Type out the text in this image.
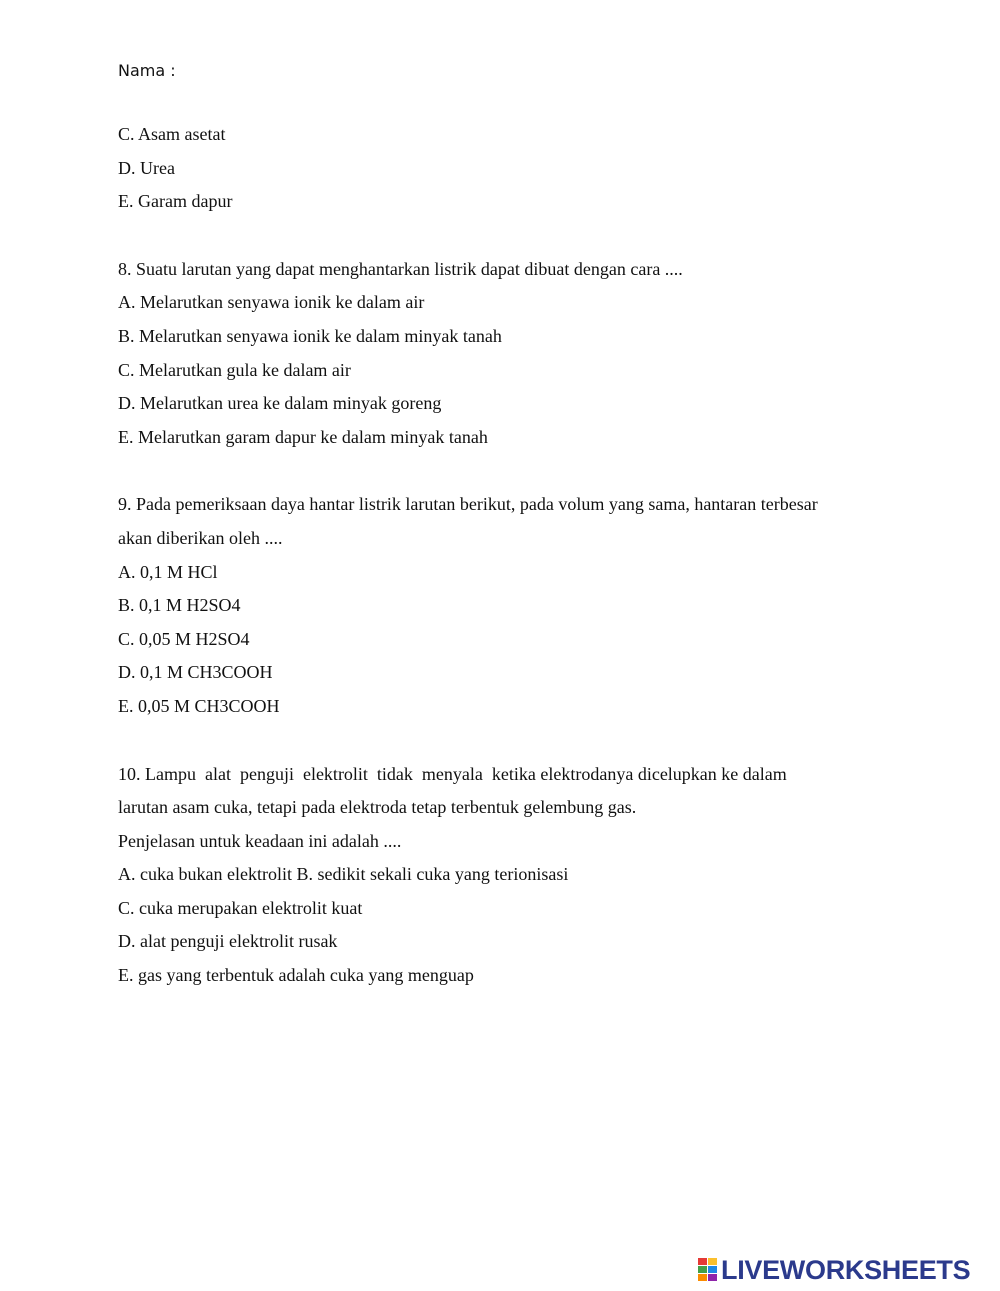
Nama :

C. Asam asetat

D. Urea

E. Garam dapur

8. Suatu larutan yang dapat menghantarkan listrik dapat dibuat dengan cara ....

A. Melarutkan senyawa ionik ke dalam air

B. Melarutkan senyawa ionik ke dalam minyak tanah

C. Melarutkan gula ke dalam air

D. Melarutkan urea ke dalam minyak goreng

E. Melarutkan garam dapur ke dalam minyak tanah

9. Pada pemeriksaan daya hantar listrik larutan berikut, pada volum yang sama, hantaran terbesar

akan diberikan oleh ....

A. 0,1 M HCl

B. 0,1 M H2SO4

C. 0,05 M H2SO4

D. 0,1 M CH3COOH

E. 0,05 M CH3COOH

10. Lampu  alat  penguji  elektrolit  tidak  menyala  ketika elektrodanya dicelupkan ke dalam

larutan asam cuka, tetapi pada elektroda tetap terbentuk gelembung gas.

Penjelasan untuk keadaan ini adalah ....

A. cuka bukan elektrolit B. sedikit sekali cuka yang terionisasi

C. cuka merupakan elektrolit kuat

D. alat penguji elektrolit rusak

E. gas yang terbentuk adalah cuka yang menguap

LIVEWORKSHEETS
